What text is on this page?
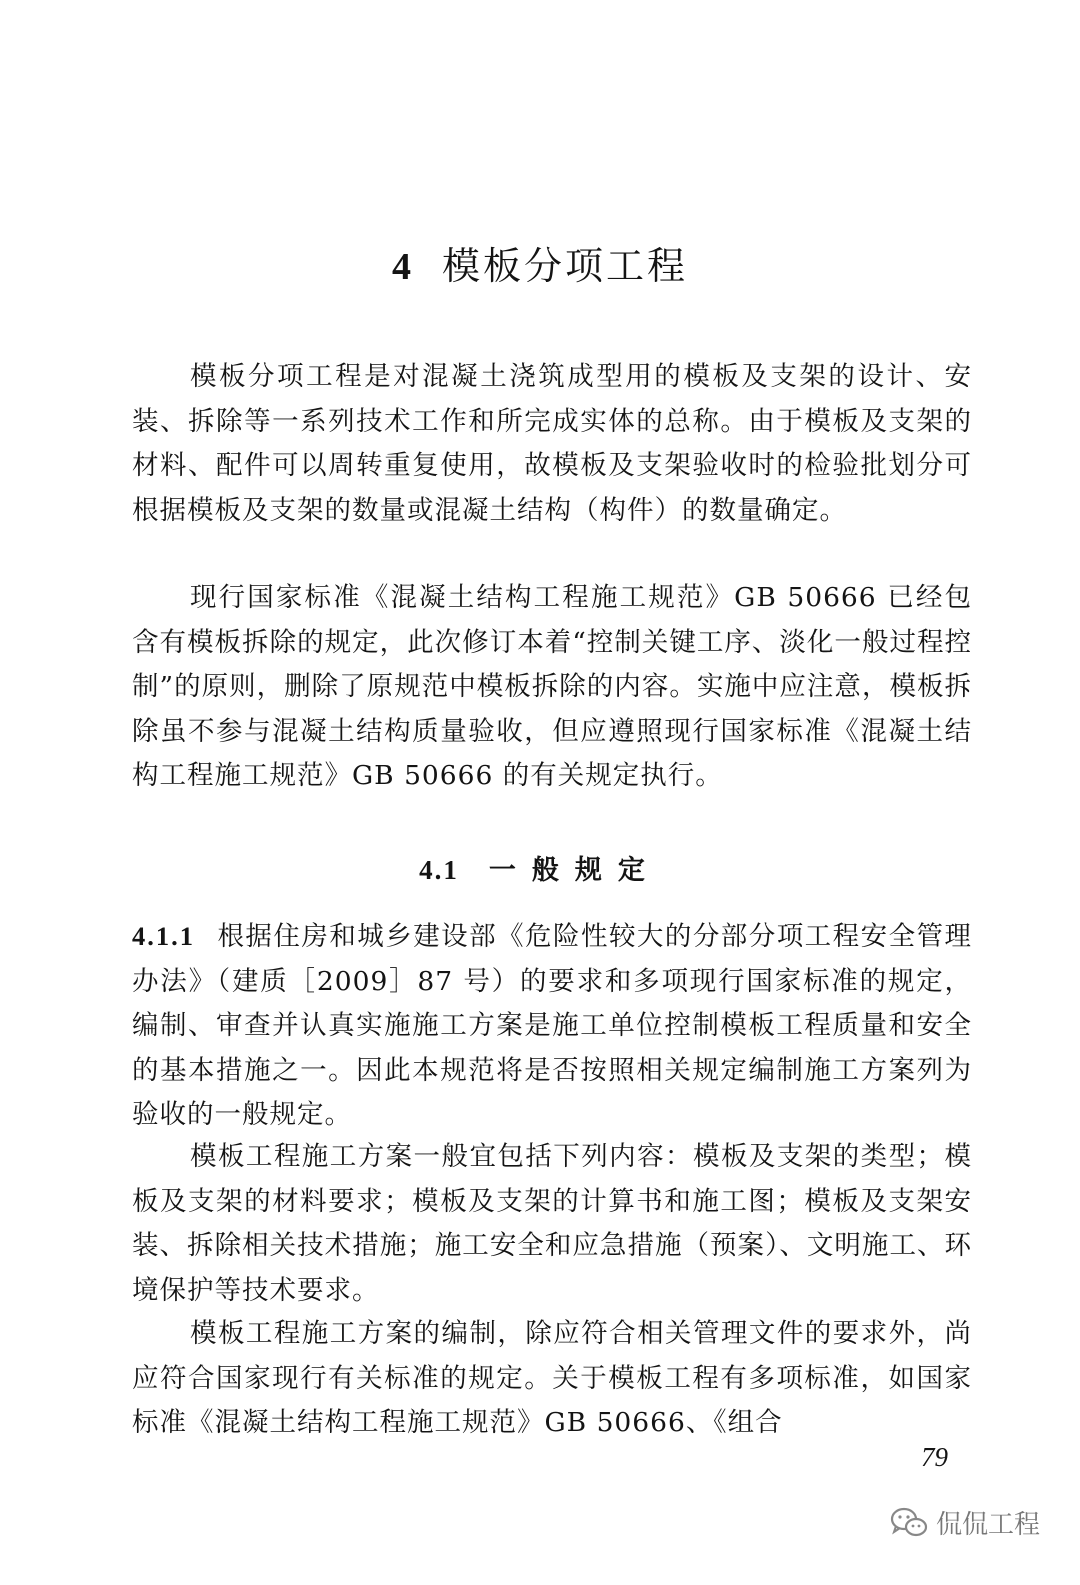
4 模板分项工程

模板分项工程是对混凝土浇筑成型用的模板及支架的设计、安装、拆除等一系列技术工作和所完成实体的总称。由于模板及支架的材料、配件可以周转重复使用，故模板及支架验收时的检验批划分可根据模板及支架的数量或混凝土结构（构件）的数量确定。

现行国家标准《混凝土结构工程施工规范》GB 50666 已经包含有模板拆除的规定，此次修订本着“控制关键工序、淡化一般过程控制”的原则，删除了原规范中模板拆除的内容。实施中应注意，模板拆除虽不参与混凝土结构质量验收，但应遵照现行国家标准《混凝土结构工程施工规范》GB 50666 的有关规定执行。

4.1 一般规定

4.1.1 根据住房和城乡建设部《危险性较大的分部分项工程安全管理办法》（建质［2009］87 号）的要求和多项现行国家标准的规定，编制、审查并认真实施施工方案是施工单位控制模板工程质量和安全的基本措施之一。因此本规范将是否按照相关规定编制施工方案列为验收的一般规定。

模板工程施工方案一般宜包括下列内容：模板及支架的类型；模板及支架的材料要求；模板及支架的计算书和施工图；模板及支架安装、拆除相关技术措施；施工安全和应急措施（预案）、文明施工、环境保护等技术要求。

模板工程施工方案的编制，除应符合相关管理文件的要求外，尚应符合国家现行有关标准的规定。关于模板工程有多项标准，如国家标准《混凝土结构工程施工规范》GB 50666、《组合

79
侃侃工程
